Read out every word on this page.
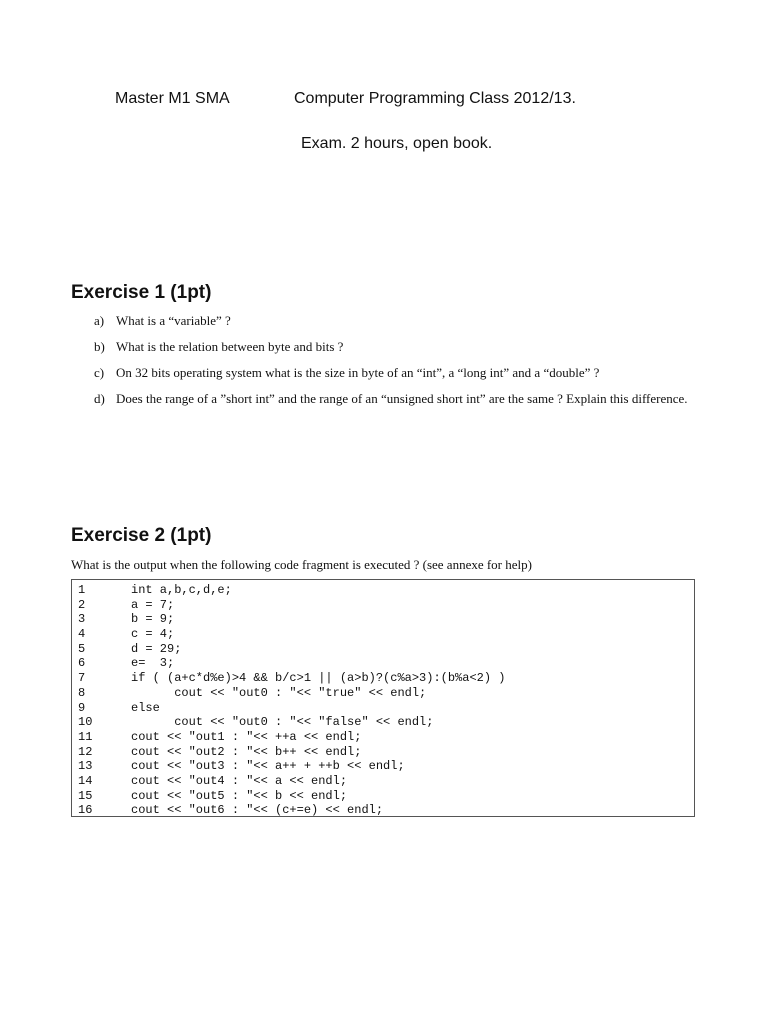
Master M1 SMA	Computer Programming Class 2012/13.
Exam. 2 hours, open book.
Exercise 1 (1pt)
a) What is a “variable” ?
b) What is the relation between byte and bits ?
c) On 32 bits operating system what is the size in byte of an “int”, a “long int” and a “double” ?
d) Does the range of a ”short int” and the range of an “unsigned short int” are the same ? Explain this difference.
Exercise 2 (1pt)
What is the output when the following code fragment is executed ? (see annexe for help)
1	int a,b,c,d,e;
2	a = 7;
3	b = 9;
4	c = 4;
5	d = 29;
6	e=  3;
7	if ( (a+c*d%e)>4 && b/c>1 || (a>b)?(c%a>3):(b%a<2) )
8	cout << "out0 : "<< "true" << endl;
9	else
10	cout << "out0 : "<< "false" << endl;
11	cout << "out1 : "<< ++a << endl;
12	cout << "out2 : "<< b++ << endl;
13	cout << "out3 : "<< a++ + ++b << endl;
14	cout << "out4 : "<< a << endl;
15	cout << "out5 : "<< b << endl;
16	cout << "out6 : "<< (c+=e) << endl;
